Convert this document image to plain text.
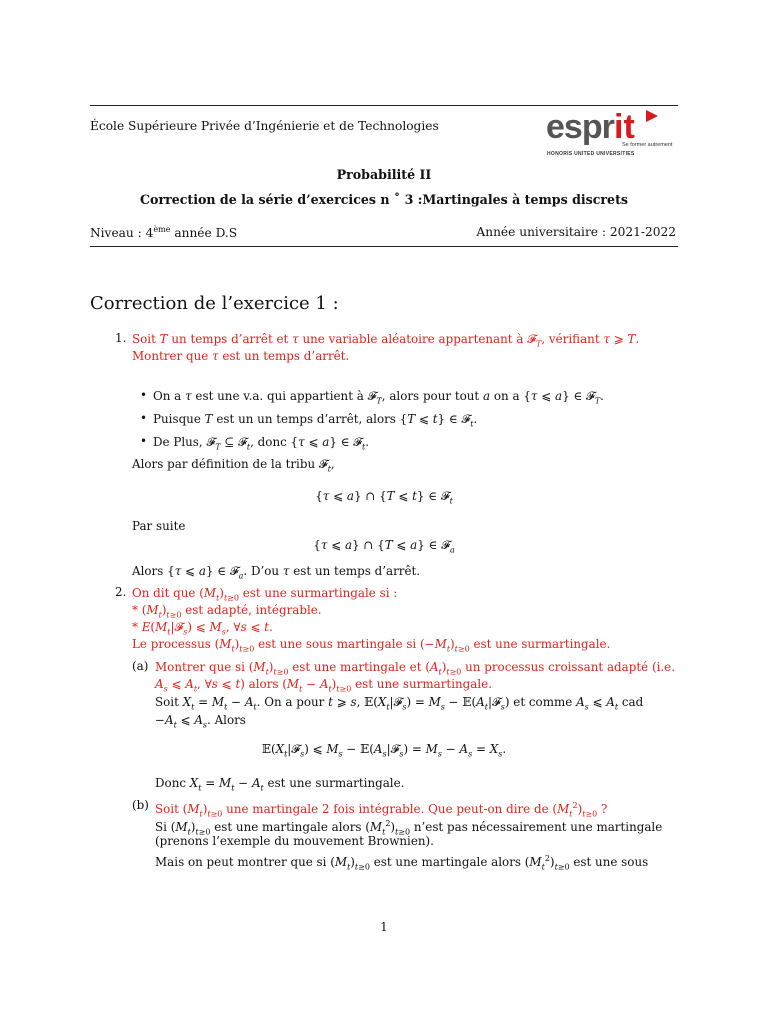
École Supérieure Privée d’Ingénierie et de Technologies	espr it
Se former autrement
HONORIS UNITED UNIVERSITIES
Probabilité II
Correction de la série d’exercices n ˚ 3 :Martingales à temps discrets
Niveau : 4ème année D.S	Année universitaire : 2021-2022
Correction de l’exercice 1 :
1. Soit T un temps d’arrêt et τ une variable aléatoire appartenant à 𝓕$_T$, vérifiant τ ⩾ T.
Montrer que τ est un temps d’arrêt.
• On a τ est une v.a. qui appartient à 𝓕$_T$, alors pour tout a on a {τ ⩽ a} ∈ 𝓕$_T$.
• Puisque T est un un temps d’arrêt, alors {T ⩽ t} ∈ 𝓕$_t$.
• De Plus, 𝓕$_T$ ⊆ 𝓕$_t$, donc {τ ⩽ a} ∈ 𝓕$_t$.
Alors par définition de la tribu 𝓕$_t$,
{τ ⩽ a} ∩ {T ⩽ t} ∈ 𝓕$_t$
Par suite
{τ ⩽ a} ∩ {T ⩽ a} ∈ 𝓕$_a$
Alors {τ ⩽ a} ∈ 𝓕$_a$. D’ou τ est un temps d’arrêt.
2. On dit que $(M_t)_{t\ge 0}$ est une surmartingale si :
* $(M_t)_{t\ge 0}$ est adapté, intégrable.
* $E(M_t|𝓕_s)$ ⩽ $M_s$, ∀s ⩽ t.
Le processus $(M_t)_{t\ge 0}$ est une sous martingale si $(-M_t)_{t\ge 0}$ est une surmartingale.
(a) Montrer que si $(M_t)_{t\ge 0}$ est une martingale et $(A_t)_{t\ge 0}$ un processus croissant adapté (i.e.
$A_s$ ⩽ $A_t$, ∀s ⩽ t) alors $(M_t - A_t)_{t\ge 0}$ est une surmartingale.
Soit $X_t = M_t - A_t$. On a pour t ⩾ s, $𝔼(X_t|𝓕_s) = M_s$ − $𝔼(A_t|𝓕_s)$ et comme $A_s$ ⩽ $A_t$ cad
$-A_t$ ⩽ $A_s$. Alors
$𝔼(X_t|𝓕_s)$ ⩽ $M_s$ − $𝔼(A_s|𝓕_s) = M_s - A_s = X_s$.
Donc $X_t = M_t - A_t$ est une surmartingale.
(b) Soit $(M_t)_{t\ge 0}$ une martingale 2 fois intégrable. Que peut-on dire de $(M_t^2)_{t\ge 0}$ ?
Si $(M_t)_{t\ge 0}$ est une martingale alors $(M_t^2)_{t\ge 0}$ n’est pas nécessairement une martingale
(prenons l’exemple du mouvement Brownien).
Mais on peut montrer que si $(M_t)_{t\ge 0}$ est une martingale alors $(M_t^2)_{t\ge 0}$ est une sous
1
